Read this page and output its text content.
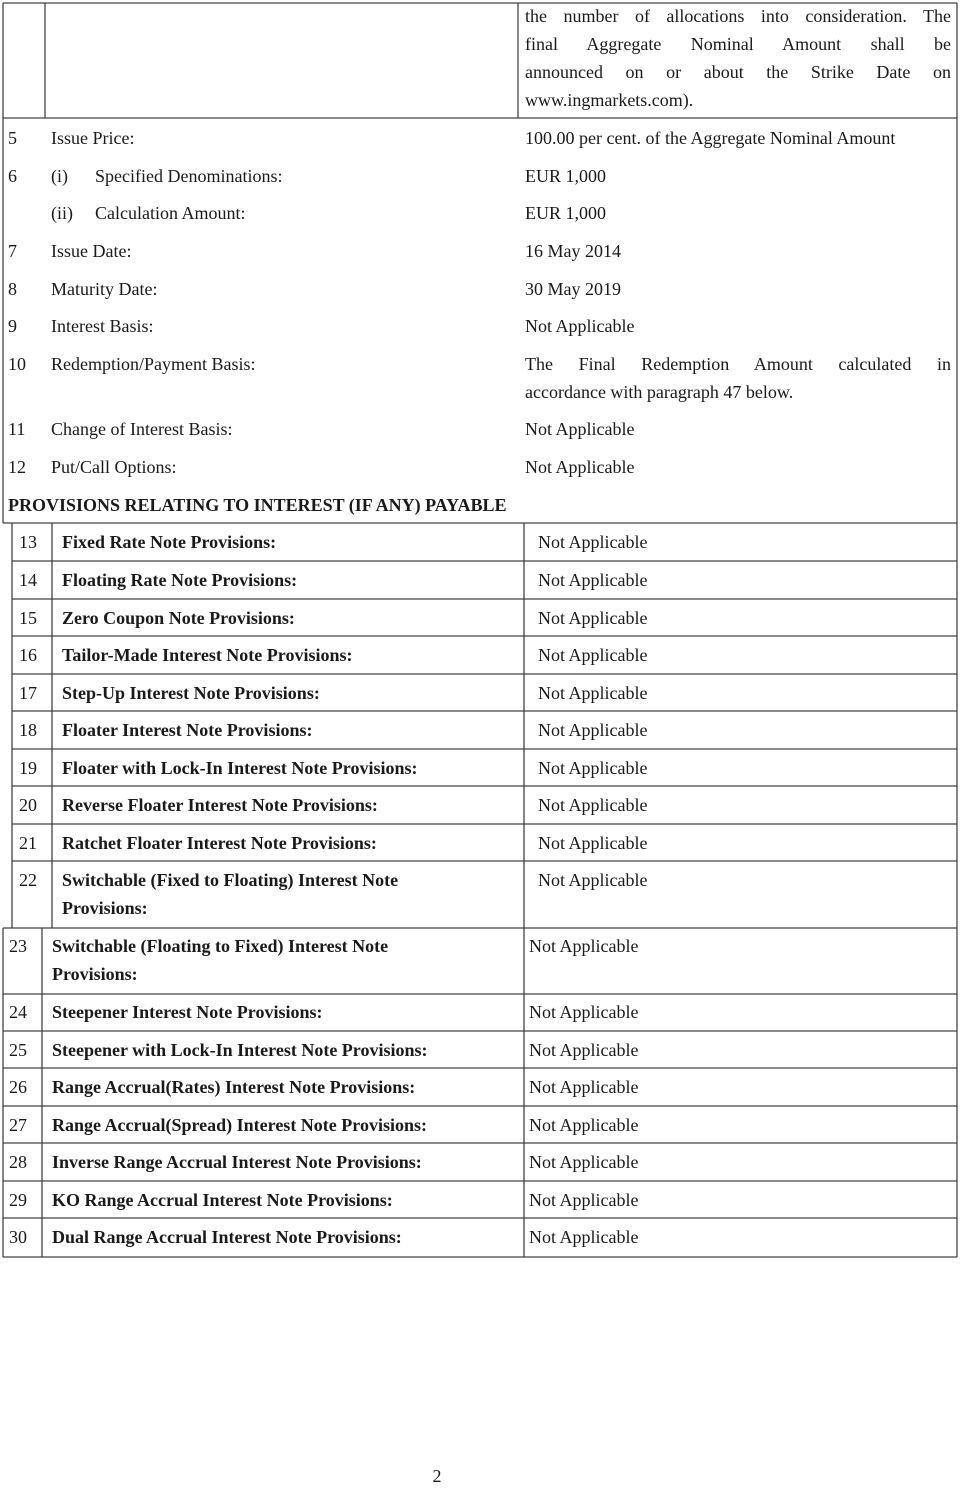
the number of allocations into consideration. The
final Aggregate Nominal Amount shall be
announced on or about the Strike Date on
www.ingmarkets.com).
5 Issue Price:	100.00 per cent. of the Aggregate Nominal Amount
6 (i) Specified Denominations:	EUR 1,000
(ii) Calculation Amount:	EUR 1,000
7 Issue Date:	16 May 2014
8 Maturity Date:	30 May 2019
9 Interest Basis:	Not Applicable
10 Redemption/Payment Basis:	The Final Redemption Amount calculated in
accordance with paragraph 47 below.
11 Change of Interest Basis:	Not Applicable
12 Put/Call Options:	Not Applicable
PROVISIONS RELATING TO INTEREST (IF ANY) PAYABLE
13 Fixed Rate Note Provisions:	Not Applicable
14 Floating Rate Note Provisions:	Not Applicable
15 Zero Coupon Note Provisions:	Not Applicable
16 Tailor-Made Interest Note Provisions:	Not Applicable
17 Step-Up Interest Note Provisions:	Not Applicable
18 Floater Interest Note Provisions:	Not Applicable
19 Floater with Lock-In Interest Note Provisions:	Not Applicable
20 Reverse Floater Interest Note Provisions:	Not Applicable
21 Ratchet Floater Interest Note Provisions:	Not Applicable
22 Switchable (Fixed to Floating) Interest Note Provisions:
Not Applicable
23 Switchable (Floating to Fixed) Interest Note Provisions:
Not Applicable
24 Steepener Interest Note Provisions:	Not Applicable
25 Steepener with Lock-In Interest Note Provisions:	Not Applicable
26 Range Accrual(Rates) Interest Note Provisions:	Not Applicable
27 Range Accrual(Spread) Interest Note Provisions:	Not Applicable
28 Inverse Range Accrual Interest Note Provisions:	Not Applicable
29 KO Range Accrual Interest Note Provisions:	Not Applicable
30 Dual Range Accrual Interest Note Provisions:	Not Applicable
2
